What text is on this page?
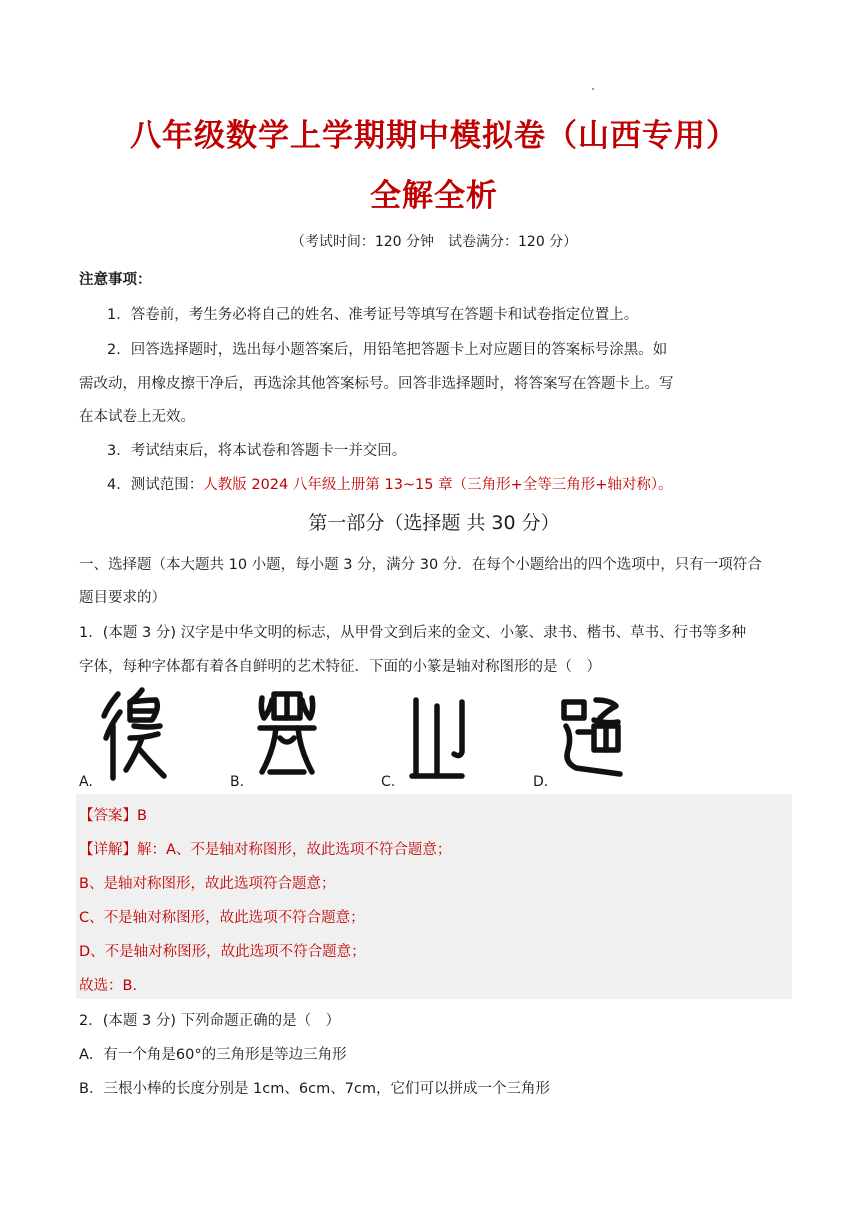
八年级数学上学期期中模拟卷（山西专用）
全解全析
（考试时间：120 分钟　试卷满分：120 分）
注意事项：
1．答卷前，考生务必将自己的姓名、准考证号等填写在答题卡和试卷指定位置上。
2．回答选择题时，选出每小题答案后，用铅笔把答题卡上对应题目的答案标号涂黑。如
需改动，用橡皮擦干净后，再选涂其他答案标号。回答非选择题时，将答案写在答题卡上。写
在本试卷上无效。
3．考试结束后，将本试卷和答题卡一并交回。
4．测试范围：人教版 2024 八年级上册第 13~15 章（三角形+全等三角形+轴对称）。
第一部分（选择题 共 30 分）
一、选择题（本大题共 10 小题，每小题 3 分，满分 30 分．在每个小题给出的四个选项中，只有一项符合
题目要求的）
1．(本题 3 分) 汉字是中华文明的标志，从甲骨文到后来的金文、小篆、隶书、楷书、草书、行书等多种
字体，每种字体都有着各自鲜明的艺术特征．下面的小篆是轴对称图形的是（　）
A.	B.	C.	D.
【答案】B
【详解】解：A、不是轴对称图形，故此选项不符合题意；
B、是轴对称图形，故此选项符合题意；
C、不是轴对称图形，故此选项不符合题意；
D、不是轴对称图形，故此选项不符合题意；
故选：B．
2．(本题 3 分) 下列命题正确的是（　）
A．有一个角是60°的三角形是等边三角形
B．三根小棒的长度分别是 1cm、6cm、7cm，它们可以拼成一个三角形
